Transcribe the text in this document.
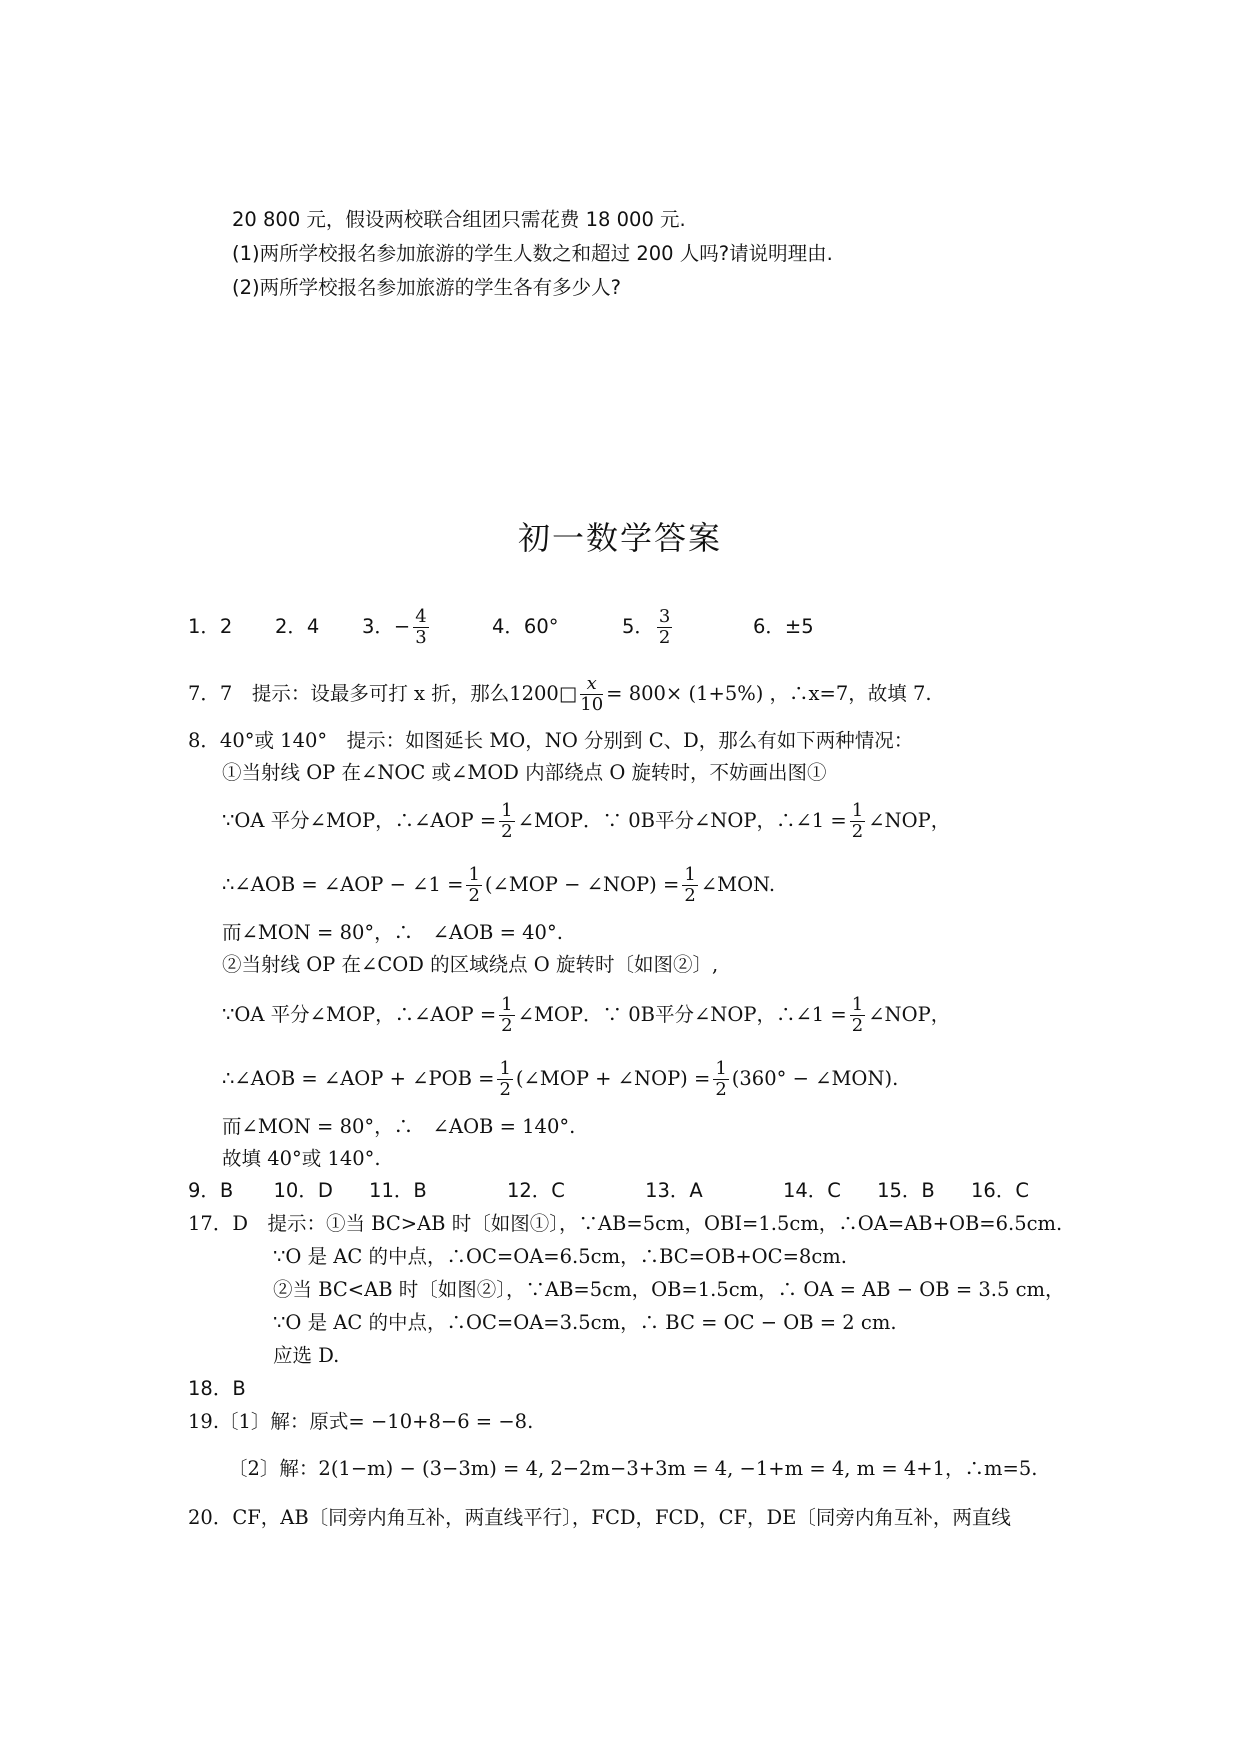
20 800 元，假设两校联合组团只需花费 18 000 元.
(1)两所学校报名参加旅游的学生人数之和超过 200 人吗?请说明理由.
(2)两所学校报名参加旅游的学生各有多少人?
初一数学答案
1．2 2．4 3． − $\frac{4}{3}$	4．60°	5． $\frac{3}{2}$	6．±5
7．7　提示：设最多可打 x 折，那么1200□ $\frac{x}{10} = 800\times (1+5\%)$ ，∴x=7，故填 7.
8．40°或 140°　提示：如图延长 MO，NO 分别到 C、D，那么有如下两种情况：
①当射线 OP 在∠NOC 或∠MOD 内部绕点 O 旋转时，不妨画出图①
∵OA 平分∠MOP，∴∠AOP = $\frac{1}{2}$ ∠MOP．∵ 0B平分∠NOP，∴∠1 = $\frac{1}{2}$ ∠NOP，
∴∠AOB = ∠AOP − ∠1 = $\frac{1}{2}$ (∠MOP − ∠NOP) = $\frac{1}{2}$ ∠MON.
而∠MON = 80°，∴　∠AOB = 40°.
②当射线 OP 在∠COD 的区域绕点 O 旋转时〔如图②〕,
∵OA 平分∠MOP，∴∠AOP = $\frac{1}{2}$ ∠MOP．∵ 0B平分∠NOP，∴∠1 = $\frac{1}{2}$ ∠NOP，
∴∠AOB = ∠AOP + ∠POB = $\frac{1}{2}$ (∠MOP + ∠NOP) = $\frac{1}{2} (360^\circ$ − ∠MON).
而∠MON = 80°，∴　∠AOB = 140°.
故填 40°或 140°.
9．B 10．D 11．B	12．C	13．A	14．C 15．B 16．C
17．D　提示：①当 BC>AB 时〔如图①〕，∵AB=5cm，OBI=1.5cm，∴OA=AB+OB=6.5cm.
∵O 是 AC 的中点，∴OC=OA=6.5cm，∴BC=OB+OC=8cm.
②当 BC<AB 时〔如图②〕，∵AB=5cm，OB=1.5cm，∴ OA = AB − OB = 3.5 cm，
∵O 是 AC 的中点，∴OC=OA=3.5cm，∴ BC = OC − OB = 2 cm.
应选 D.
18．B
19.〔1〕解：原式= −10+8−6 = −8.
〔2〕解：2(1−m) − (3−3m) = 4, 2−2m−3+3m = 4, −1+m = 4, m = 4+1，∴m=5.
20．CF，AB〔同旁内角互补，两直线平行〕，FCD，FCD，CF，DE〔同旁内角互补，两直线
